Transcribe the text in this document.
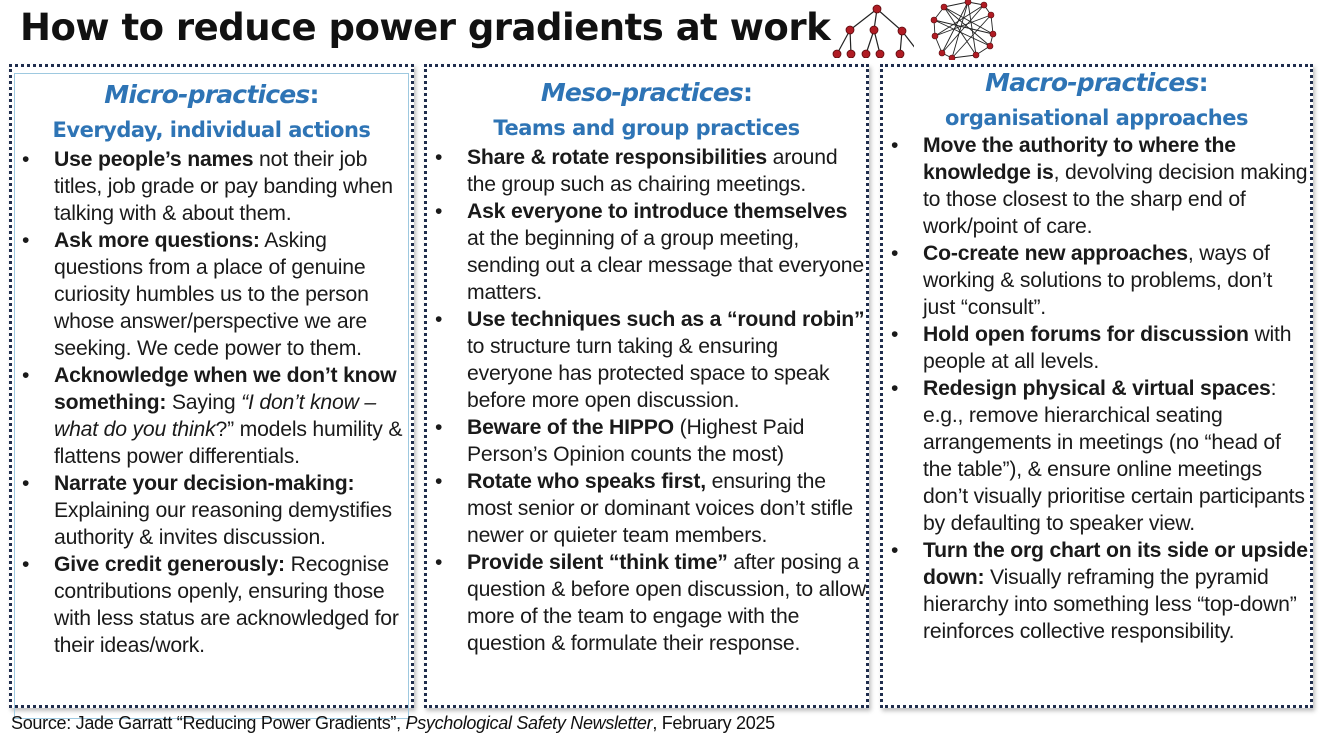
How to reduce power gradients at work
Micro-practices:
Everyday, individual actions
• Use people’s names not their job titles, job grade or pay banding when talking with & about them.
• Ask more questions: Asking questions from a place of genuine curiosity humbles us to the person whose answer/perspective we are seeking. We cede power to them.
• Acknowledge when we don’t know something: Saying “I don’t know – what do you think?” models humility & flattens power differentials.
• Narrate your decision-making: Explaining our reasoning demystifies authority & invites discussion.
• Give credit generously: Recognise contributions openly, ensuring those with less status are acknowledged for their ideas/work.
Meso-practices:
Teams and group practices
• Share & rotate responsibilities around the group such as chairing meetings.
• Ask everyone to introduce themselves at the beginning of a group meeting, sending out a clear message that everyone matters.
• Use techniques such as a “round robin” to structure turn taking & ensuring everyone has protected space to speak before more open discussion.
• Beware of the HIPPO (Highest Paid Person’s Opinion counts the most)
• Rotate who speaks first, ensuring the most senior or dominant voices don’t stifle newer or quieter team members.
• Provide silent “think time” after posing a question & before open discussion, to allow more of the team to engage with the question & formulate their response.
Macro-practices:
organisational approaches
• Move the authority to where the knowledge is, devolving decision making to those closest to the sharp end of work/point of care.
• Co-create new approaches, ways of working & solutions to problems, don’t just “consult”.
• Hold open forums for discussion with people at all levels.
• Redesign physical & virtual spaces: e.g., remove hierarchical seating arrangements in meetings (no “head of the table”), & ensure online meetings don’t visually prioritise certain participants by defaulting to speaker view.
• Turn the org chart on its side or upside down: Visually reframing the pyramid hierarchy into something less “top-down” reinforces collective responsibility.
Source: Jade Garratt “Reducing Power Gradients”, Psychological Safety Newsletter, February 2025
